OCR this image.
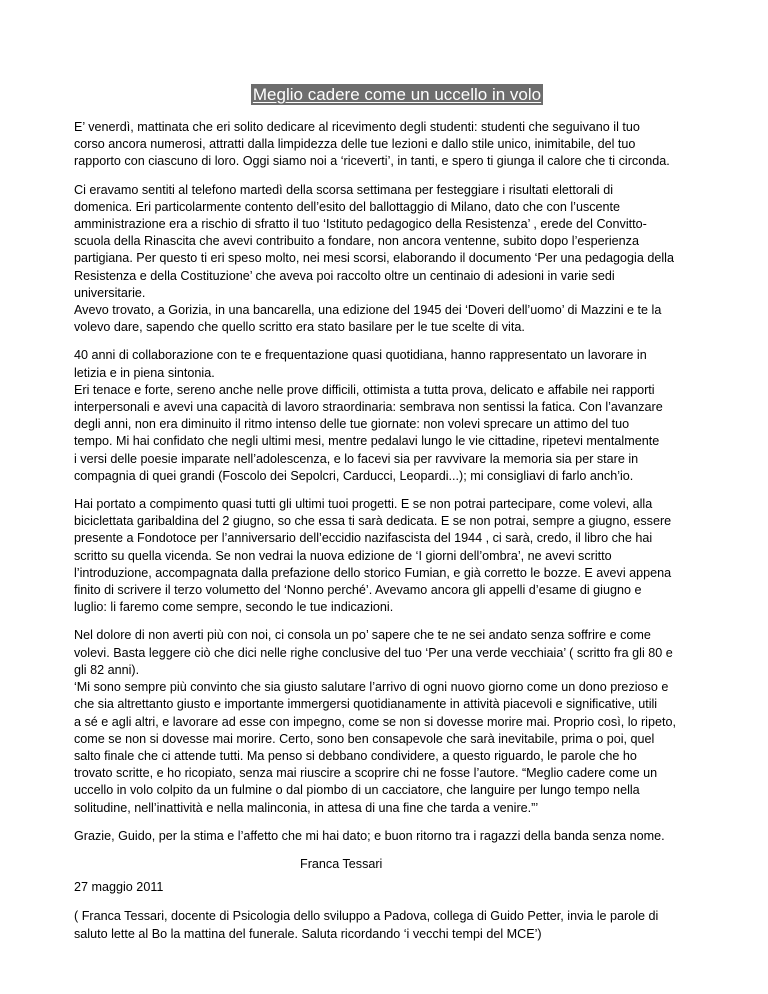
Meglio cadere come un uccello in volo

E’ venerdì, mattinata che eri solito dedicare al ricevimento degli studenti: studenti che seguivano il tuo
corso ancora numerosi, attratti dalla limpidezza delle tue lezioni e dallo stile unico, inimitabile, del tuo
rapporto con ciascuno di loro. Oggi siamo noi a ‘riceverti’, in tanti, e spero ti giunga il calore che ti circonda.

Ci eravamo sentiti al telefono martedì della scorsa settimana per festeggiare i risultati elettorali di
domenica. Eri particolarmente contento dell’esito del ballottaggio di Milano, dato che con l’uscente
amministrazione era a rischio di sfratto il tuo ‘Istituto pedagogico della Resistenza’ , erede del Convitto-
scuola della Rinascita che avevi contribuito a fondare, non ancora ventenne, subito dopo l’esperienza
partigiana. Per questo ti eri speso molto, nei mesi scorsi, elaborando il documento ‘Per una pedagogia della
Resistenza e della Costituzione’ che aveva poi raccolto oltre un centinaio di adesioni in varie sedi
universitarie.
Avevo trovato, a Gorizia, in una bancarella, una edizione del 1945 dei ‘Doveri dell’uomo’ di Mazzini e te la
volevo dare, sapendo che quello scritto era stato basilare per le tue scelte di vita.

40 anni di collaborazione con te e frequentazione quasi quotidiana, hanno rappresentato un lavorare in
letizia e in piena sintonia.
Eri tenace e forte, sereno anche nelle prove difficili, ottimista a tutta prova, delicato e affabile nei rapporti
interpersonali e avevi una capacità di lavoro straordinaria: sembrava non sentissi la fatica. Con l’avanzare
degli anni, non era diminuito il ritmo intenso delle tue giornate: non volevi sprecare un attimo del tuo
tempo. Mi hai confidato che negli ultimi mesi, mentre pedalavi lungo le vie cittadine, ripetevi mentalmente
i versi delle poesie imparate nell’adolescenza, e lo facevi sia per ravvivare la memoria sia per stare in
compagnia di quei grandi (Foscolo dei Sepolcri, Carducci, Leopardi...); mi consigliavi di farlo anch’io.

Hai portato a compimento quasi tutti gli ultimi tuoi progetti. E se non potrai partecipare, come volevi, alla
biciclettata garibaldina del 2 giugno, so che essa ti sarà dedicata. E se non potrai, sempre a giugno, essere
presente a Fondotoce per l’anniversario dell’eccidio nazifascista del 1944 , ci sarà, credo, il libro che hai
scritto su quella vicenda. Se non vedrai la nuova edizione de ‘I giorni dell’ombra’, ne avevi scritto
l’introduzione, accompagnata dalla prefazione dello storico Fumian, e già corretto le bozze. E avevi appena
finito di scrivere il terzo volumetto del ‘Nonno perché’. Avevamo ancora gli appelli d’esame di giugno e
luglio: li faremo come sempre, secondo le tue indicazioni.

Nel dolore di non averti più con noi, ci consola un po’ sapere che te ne sei andato senza soffrire e come
volevi. Basta leggere ciò che dici nelle righe conclusive del tuo ‘Per una verde vecchiaia’ ( scritto fra gli 80 e
gli 82 anni).
‘Mi sono sempre più convinto che sia giusto salutare l’arrivo di ogni nuovo giorno come un dono prezioso e
che sia altrettanto giusto e importante immergersi quotidianamente in attività piacevoli e significative, utili
a sé e agli altri, e lavorare ad esse con impegno, come se non si dovesse morire mai. Proprio così, lo ripeto,
come se non si dovesse mai morire. Certo, sono ben consapevole che sarà inevitabile, prima o poi, quel
salto finale che ci attende tutti. Ma penso si debbano condividere, a questo riguardo, le parole che ho
trovato scritte, e ho ricopiato, senza mai riuscire a scoprire chi ne fosse l’autore. “Meglio cadere come un
uccello in volo colpito da un fulmine o dal piombo di un cacciatore, che languire per lungo tempo nella
solitudine, nell’inattività e nella malinconia, in attesa di una fine che tarda a venire.”’

Grazie, Guido, per la stima e l’affetto che mi hai dato; e buon ritorno tra i ragazzi della banda senza nome.

Franca Tessari
27 maggio 2011

( Franca Tessari, docente di Psicologia dello sviluppo a Padova, collega di Guido Petter, invia le parole di
saluto lette al Bo la mattina del funerale. Saluta ricordando ‘i vecchi tempi del MCE’)
